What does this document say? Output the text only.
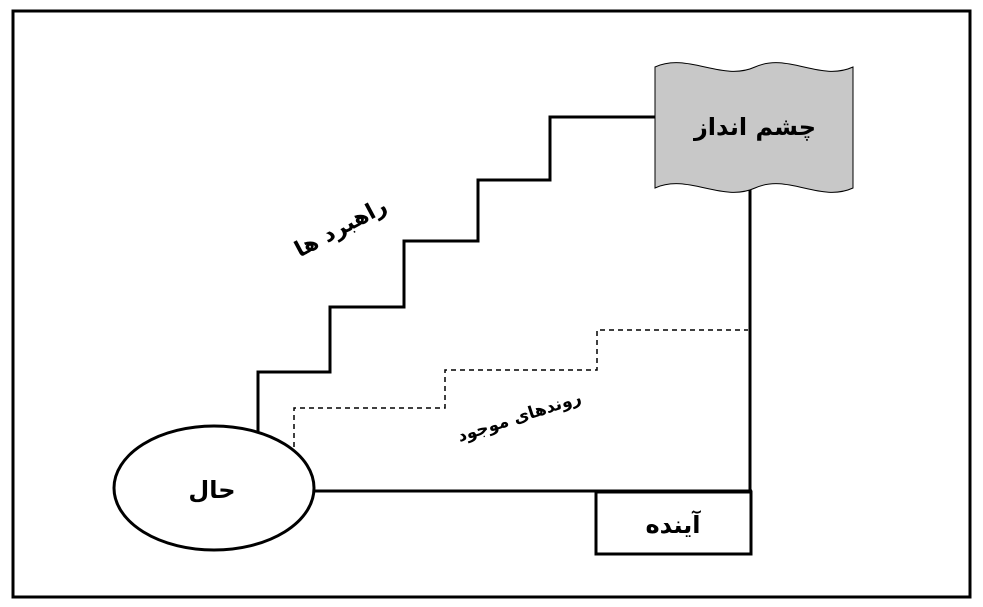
چشم انداز
حال
آینده
راهبرد ها
روندهای موجود
